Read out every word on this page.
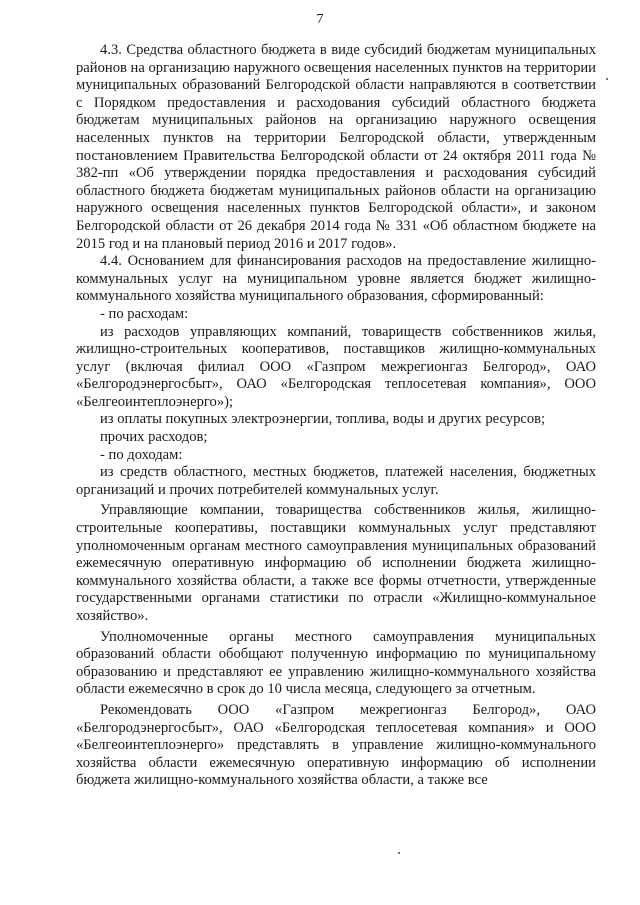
7

4.3. Средства областного бюджета в виде субсидий бюджетам муниципальных районов на организацию наружного освещения населенных пунктов на территории муниципальных образований Белгородской области направляются в соответствии с Порядком предоставления и расходования субсидий областного бюджета бюджетам муниципальных районов на организацию наружного освещения населенных пунктов на территории Белгородской области, утвержденным постановлением Правительства Белгородской области от 24 октября 2011 года № 382-пп «Об утверждении порядка предоставления и расходования субсидий областного бюджета бюджетам муниципальных районов области на организацию наружного освещения населенных пунктов Белгородской области», и законом Белгородской области от 26 декабря 2014 года № 331 «Об областном бюджете на 2015 год и на плановый период 2016 и 2017 годов».

4.4. Основанием для финансирования расходов на предоставление жилищно-коммунальных услуг на муниципальном уровне является бюджет жилищно-коммунального хозяйства муниципального образования, сформированный:

- по расходам:

из расходов управляющих компаний, товариществ собственников жилья, жилищно-строительных кооперативов, поставщиков жилищно-коммунальных услуг (включая филиал ООО «Газпром межрегионгаз Белгород», ОАО «Белгородэнергосбыт», ОАО «Белгородская теплосетевая компания», ООО «Белгеоинтеплоэнерго»);

из оплаты покупных электроэнергии, топлива, воды и других ресурсов;

прочих расходов;

- по доходам:

из средств областного, местных бюджетов, платежей населения, бюджетных организаций и прочих потребителей коммунальных услуг.

Управляющие компании, товарищества собственников жилья, жилищно-строительные кооперативы, поставщики коммунальных услуг представляют уполномоченным органам местного самоуправления муниципальных образований ежемесячную оперативную информацию об исполнении бюджета жилищно-коммунального хозяйства области, а также все формы отчетности, утвержденные государственными органами статистики по отрасли «Жилищно-коммунальное хозяйство».

Уполномоченные органы местного самоуправления муниципальных образований области обобщают полученную информацию по муниципальному образованию и представляют ее управлению жилищно-коммунального хозяйства области ежемесячно в срок до 10 числа месяца, следующего за отчетным.

Рекомендовать ООО «Газпром межрегионгаз Белгород», ОАО «Белгородэнергосбыт», ОАО «Белгородская теплосетевая компания» и ООО «Белгеоинтеплоэнерго» представлять в управление жилищно-коммунального хозяйства области ежемесячную оперативную информацию об исполнении бюджета жилищно-коммунального хозяйства области, а также все
